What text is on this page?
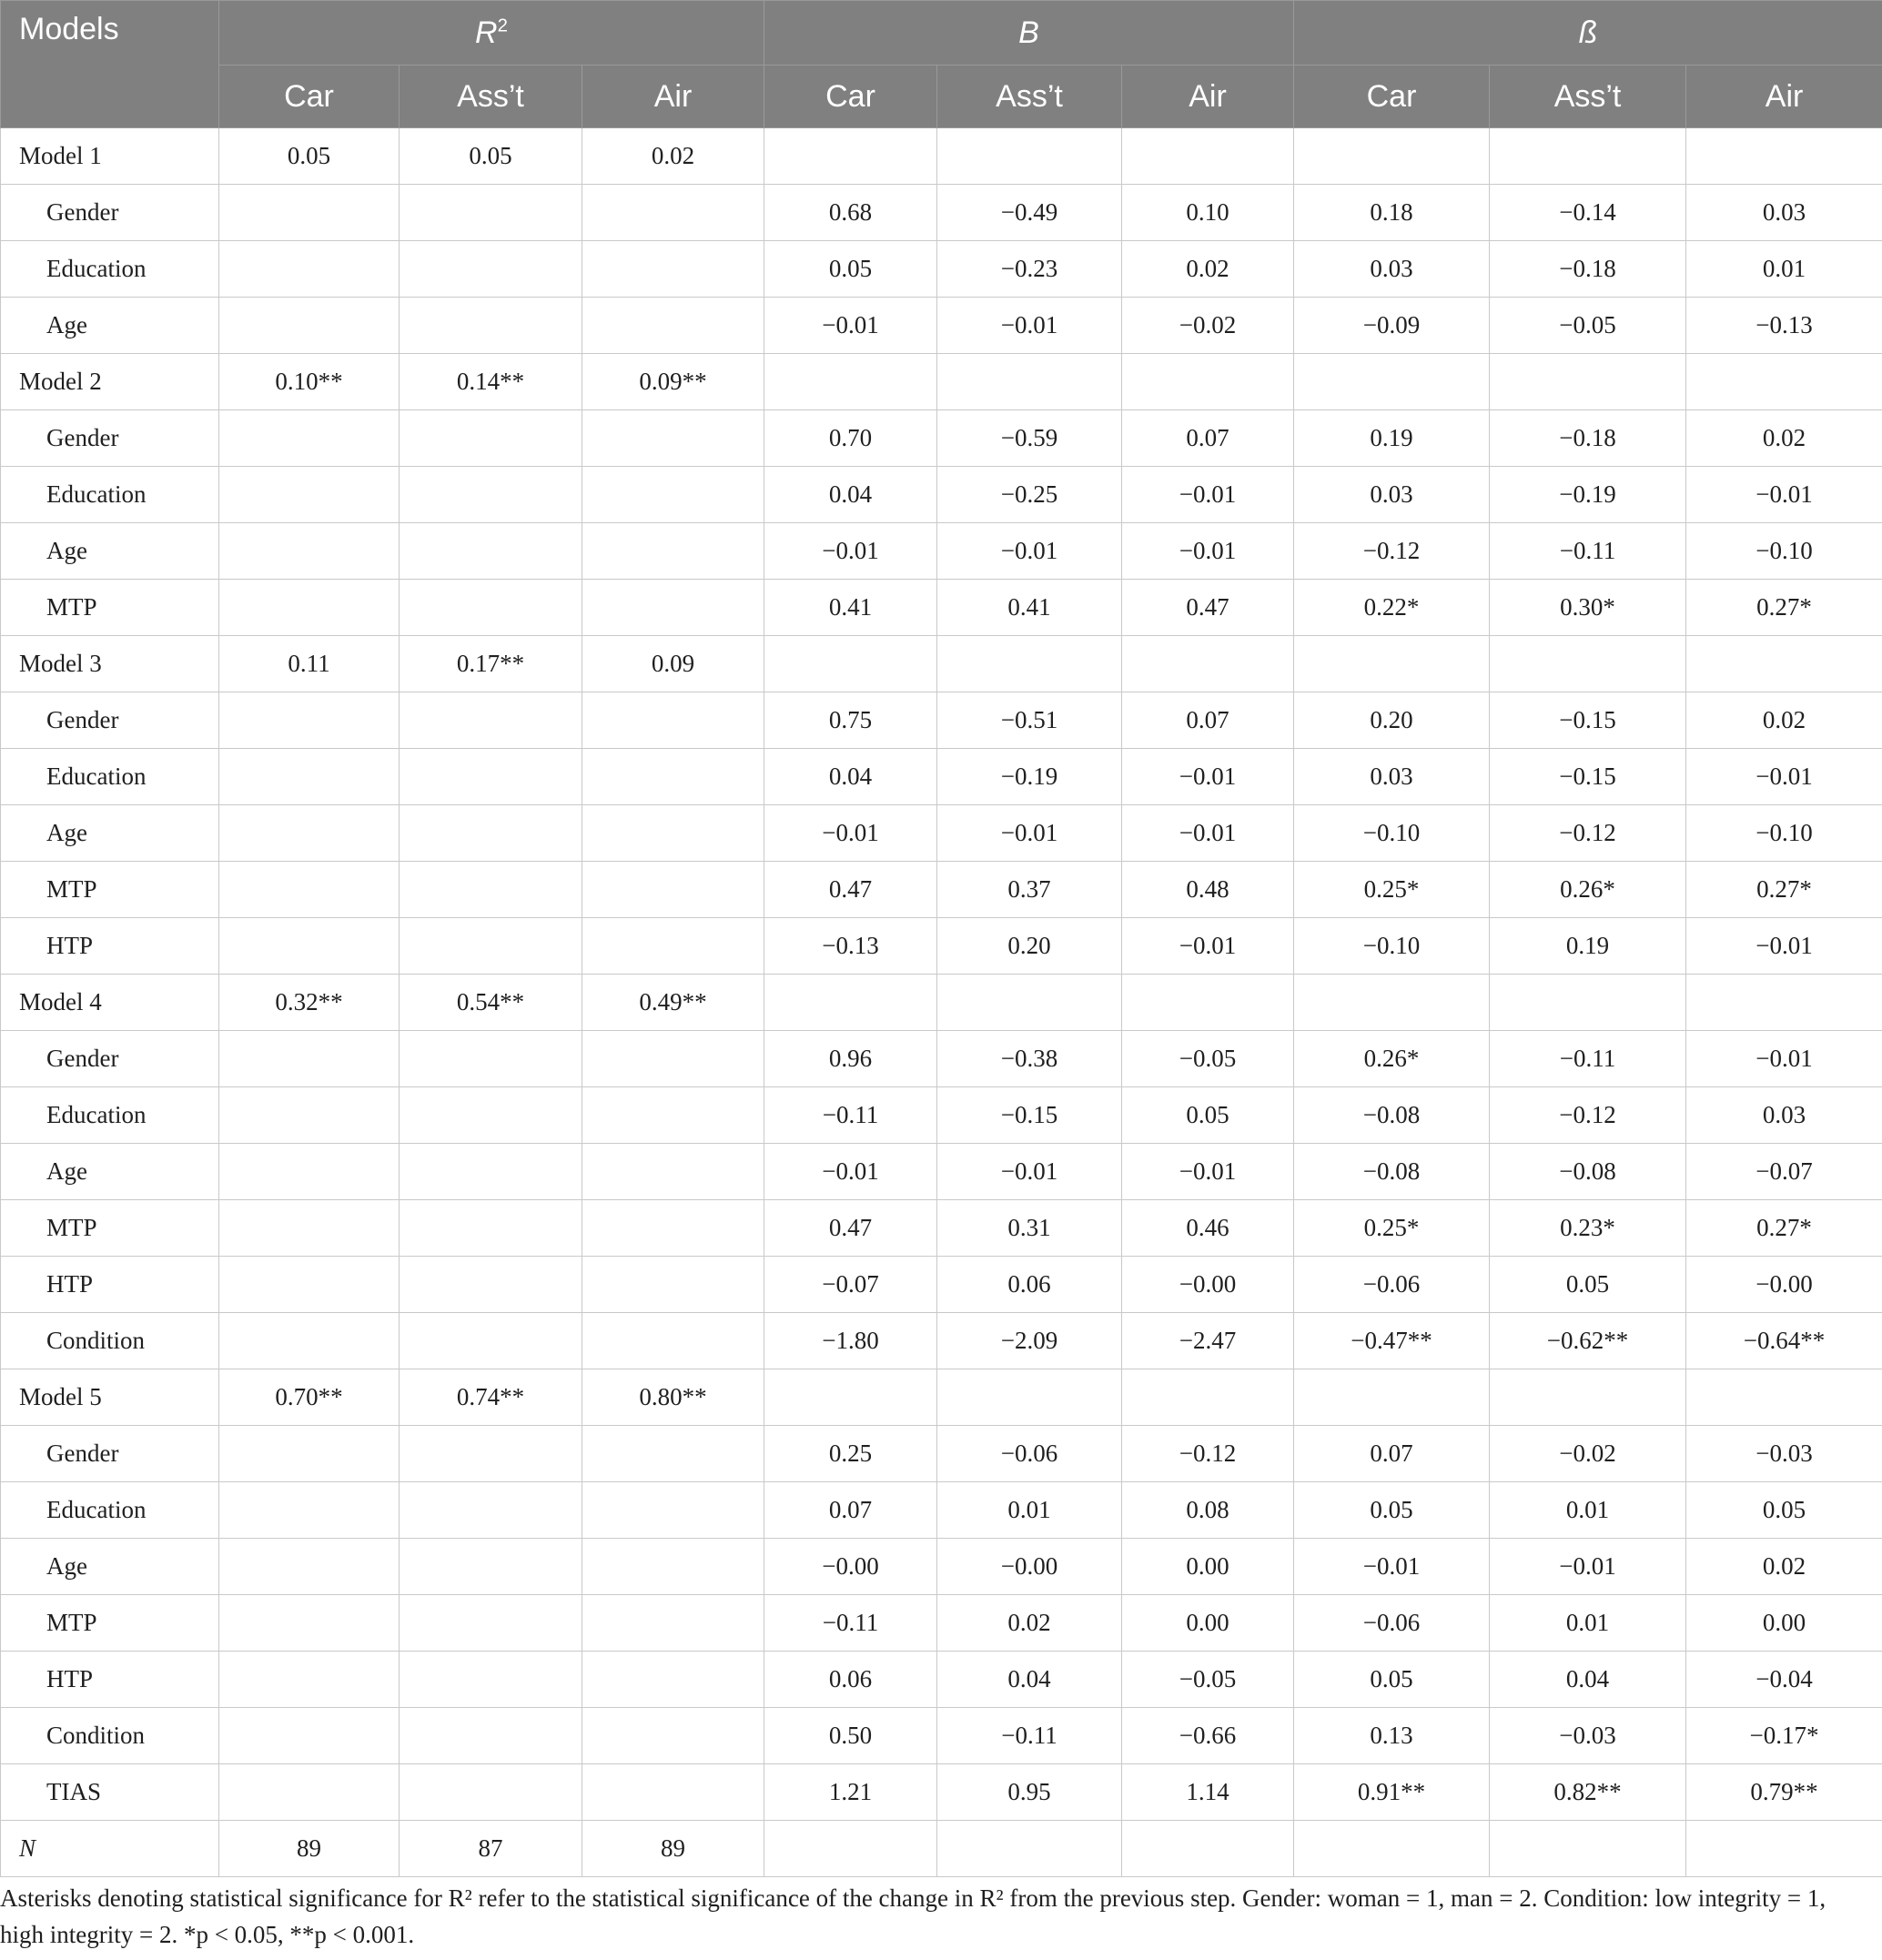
Models	$R^2$			B			ß		
	Car	Ass’t	Air	Car	Ass’t	Air	Car	Ass’t	Air
Model 1	0.05	0.05	0.02						
Gender				0.68	−0.49	0.10	0.18	−0.14	0.03
Education				0.05	−0.23	0.02	0.03	−0.18	0.01
Age				−0.01	−0.01	−0.02	−0.09	−0.05	−0.13
Model 2	0.10**	0.14**	0.09**						
Gender				0.70	−0.59	0.07	0.19	−0.18	0.02
Education				0.04	−0.25	−0.01	0.03	−0.19	−0.01
Age				−0.01	−0.01	−0.01	−0.12	−0.11	−0.10
MTP				0.41	0.41	0.47	0.22*	0.30*	0.27*
Model 3	0.11	0.17**	0.09						
Gender				0.75	−0.51	0.07	0.20	−0.15	0.02
Education				0.04	−0.19	−0.01	0.03	−0.15	−0.01
Age				−0.01	−0.01	−0.01	−0.10	−0.12	−0.10
MTP				0.47	0.37	0.48	0.25*	0.26*	0.27*
HTP				−0.13	0.20	−0.01	−0.10	0.19	−0.01
Model 4	0.32**	0.54**	0.49**						
Gender				0.96	−0.38	−0.05	0.26*	−0.11	−0.01
Education				−0.11	−0.15	0.05	−0.08	−0.12	0.03
Age				−0.01	−0.01	−0.01	−0.08	−0.08	−0.07
MTP				0.47	0.31	0.46	0.25*	0.23*	0.27*
HTP				−0.07	0.06	−0.00	−0.06	0.05	−0.00
Condition				−1.80	−2.09	−2.47	−0.47**	−0.62**	−0.64**
Model 5	0.70**	0.74**	0.80**						
Gender				0.25	−0.06	−0.12	0.07	−0.02	−0.03
Education				0.07	0.01	0.08	0.05	0.01	0.05
Age				−0.00	−0.00	0.00	−0.01	−0.01	0.02
MTP				−0.11	0.02	0.00	−0.06	0.01	0.00
HTP				0.06	0.04	−0.05	0.05	0.04	−0.04
Condition				0.50	−0.11	−0.66	0.13	−0.03	−0.17*
TIAS				1.21	0.95	1.14	0.91**	0.82**	0.79**
N	89	87	89						

Asterisks denoting statistical significance for R² refer to the statistical significance of the change in R² from the previous step. Gender: woman = 1, man = 2. Condition: low integrity = 1, high integrity = 2. *p < 0.05, **p < 0.001.
